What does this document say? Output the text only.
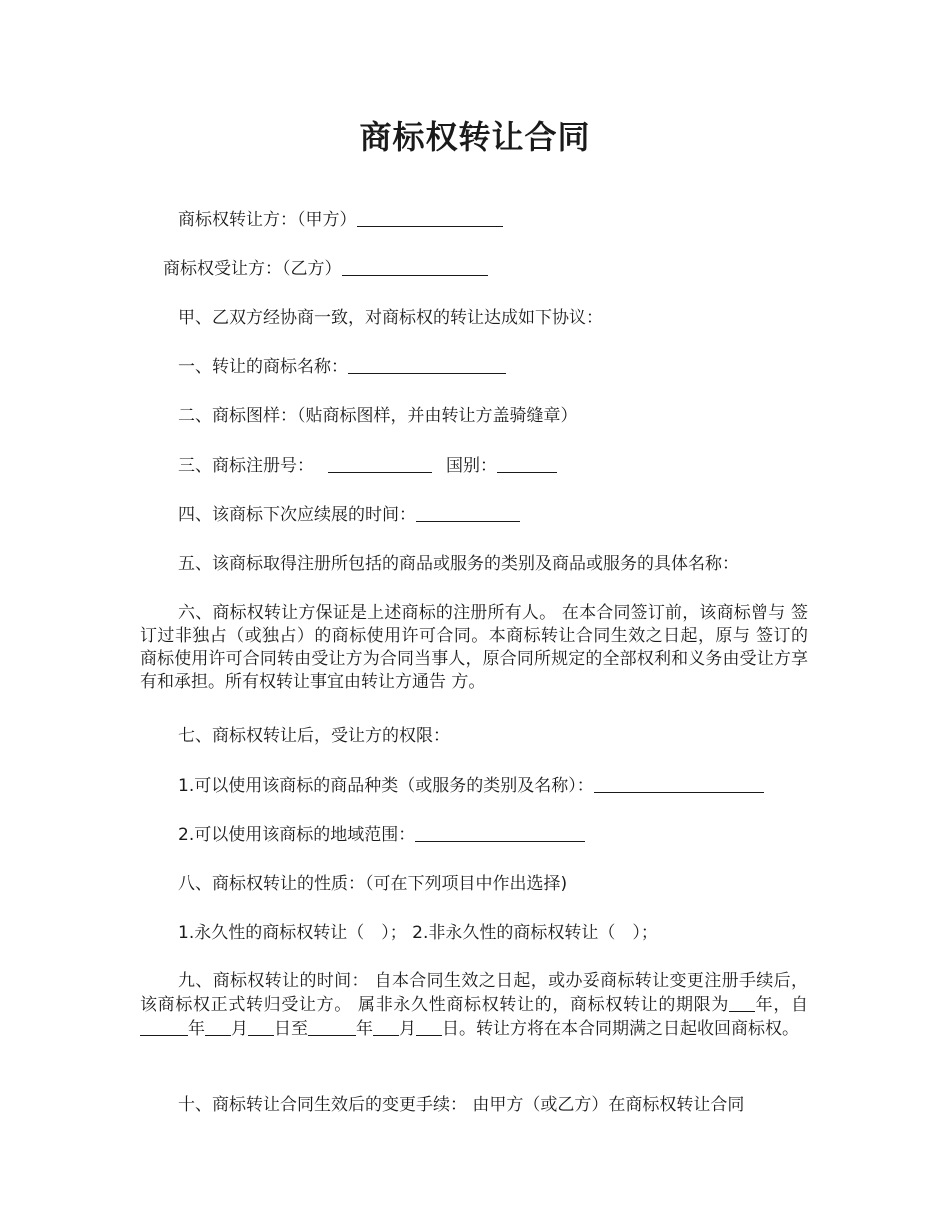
商标权转让合同
商标权转让方：（甲方）
商标权受让方：（乙方）
甲、乙双方经协商一致，对商标权的转让达成如下协议：
一、转让的商标名称：
二、商标图样：（贴商标图样，并由转让方盖骑缝章）
三、商标注册号：	国别：
四、该商标下次应续展的时间：
五、该商标取得注册所包括的商品或服务的类别及商品或服务的具体名称：
六、商标权转让方保证是上述商标的注册所有人。 在本合同签订前，该商标曾与 签订过非独占（或独占）的商标使用许可合同。本商标转让合同生效之日起，原与 签订的商标使用许可合同转由受让方为合同当事人，原合同所规定的全部权利和义务由受让方享有和承担。所有权转让事宜由转让方通告 方。
七、商标权转让后，受让方的权限：
1.可以使用该商标的商品种类（或服务的类别及名称）：
2.可以使用该商标的地域范围：
八、商标权转让的性质：（可在下列项目中作出选择)
1.永久性的商标权转让（　）； 2.非永久性的商标权转让（　）；
九、商标权转让的时间： 自本合同生效之日起，或办妥商标转让变更注册手续后，该商标权正式转归受让方。 属非永久性商标权转让的，商标权转让的期限为 年，自年 月 日至	年 月 日。转让方将在本合同期满之日起收回商标权。
十、商标转让合同生效后的变更手续： 由甲方（或乙方）在商标权转让合同
